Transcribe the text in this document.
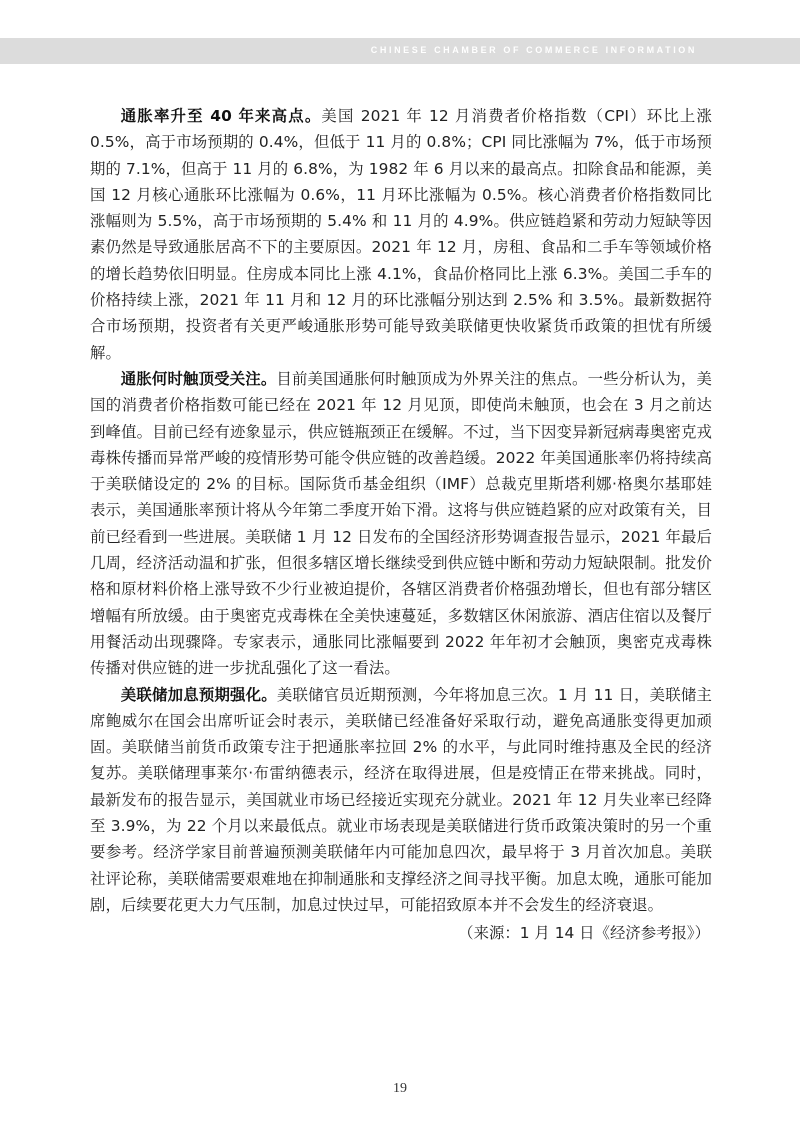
CHINESE CHAMBER OF COMMERCE INFORMATION

通胀率升至 40 年来高点。美国 2021 年 12 月消费者价格指数（CPI）环比上涨 0.5%，高于市场预期的 0.4%，但低于 11 月的 0.8%；CPI 同比涨幅为 7%，低于市场预期的 7.1%，但高于 11 月的 6.8%，为 1982 年 6 月以来的最高点。扣除食品和能源，美国 12 月核心通胀环比涨幅为 0.6%，11 月环比涨幅为 0.5%。核心消费者价格指数同比涨幅则为 5.5%，高于市场预期的 5.4% 和 11 月的 4.9%。供应链趋紧和劳动力短缺等因素仍然是导致通胀居高不下的主要原因。2021 年 12 月，房租、食品和二手车等领域价格的增长趋势依旧明显。住房成本同比上涨 4.1%，食品价格同比上涨 6.3%。美国二手车的价格持续上涨，2021 年 11 月和 12 月的环比涨幅分别达到 2.5% 和 3.5%。最新数据符合市场预期，投资者有关更严峻通胀形势可能导致美联储更快收紧货币政策的担忧有所缓解。

通胀何时触顶受关注。目前美国通胀何时触顶成为外界关注的焦点。一些分析认为，美国的消费者价格指数可能已经在 2021 年 12 月见顶，即使尚未触顶，也会在 3 月之前达到峰值。目前已经有迹象显示，供应链瓶颈正在缓解。不过，当下因变异新冠病毒奥密克戎毒株传播而异常严峻的疫情形势可能令供应链的改善趋缓。2022 年美国通胀率仍将持续高于美联储设定的 2% 的目标。国际货币基金组织（IMF）总裁克里斯塔利娜·格奥尔基耶娃表示，美国通胀率预计将从今年第二季度开始下滑。这将与供应链趋紧的应对政策有关，目前已经看到一些进展。美联储 1 月 12 日发布的全国经济形势调查报告显示，2021 年最后几周，经济活动温和扩张，但很多辖区增长继续受到供应链中断和劳动力短缺限制。批发价格和原材料价格上涨导致不少行业被迫提价，各辖区消费者价格强劲增长，但也有部分辖区增幅有所放缓。由于奥密克戎毒株在全美快速蔓延，多数辖区休闲旅游、酒店住宿以及餐厅用餐活动出现骤降。专家表示，通胀同比涨幅要到 2022 年年初才会触顶，奥密克戎毒株传播对供应链的进一步扰乱强化了这一看法。

美联储加息预期强化。美联储官员近期预测，今年将加息三次。1 月 11 日，美联储主席鲍威尔在国会出席听证会时表示，美联储已经准备好采取行动，避免高通胀变得更加顽固。美联储当前货币政策专注于把通胀率拉回 2% 的水平，与此同时维持惠及全民的经济复苏。美联储理事莱尔·布雷纳德表示，经济在取得进展，但是疫情正在带来挑战。同时，最新发布的报告显示，美国就业市场已经接近实现充分就业。2021 年 12 月失业率已经降至 3.9%，为 22 个月以来最低点。就业市场表现是美联储进行货币政策决策时的另一个重要参考。经济学家目前普遍预测美联储年内可能加息四次，最早将于 3 月首次加息。美联社评论称，美联储需要艰难地在抑制通胀和支撑经济之间寻找平衡。加息太晚，通胀可能加剧，后续要花更大力气压制，加息过快过早，可能招致原本并不会发生的经济衰退。

（来源：1 月 14 日《经济参考报》）

19
